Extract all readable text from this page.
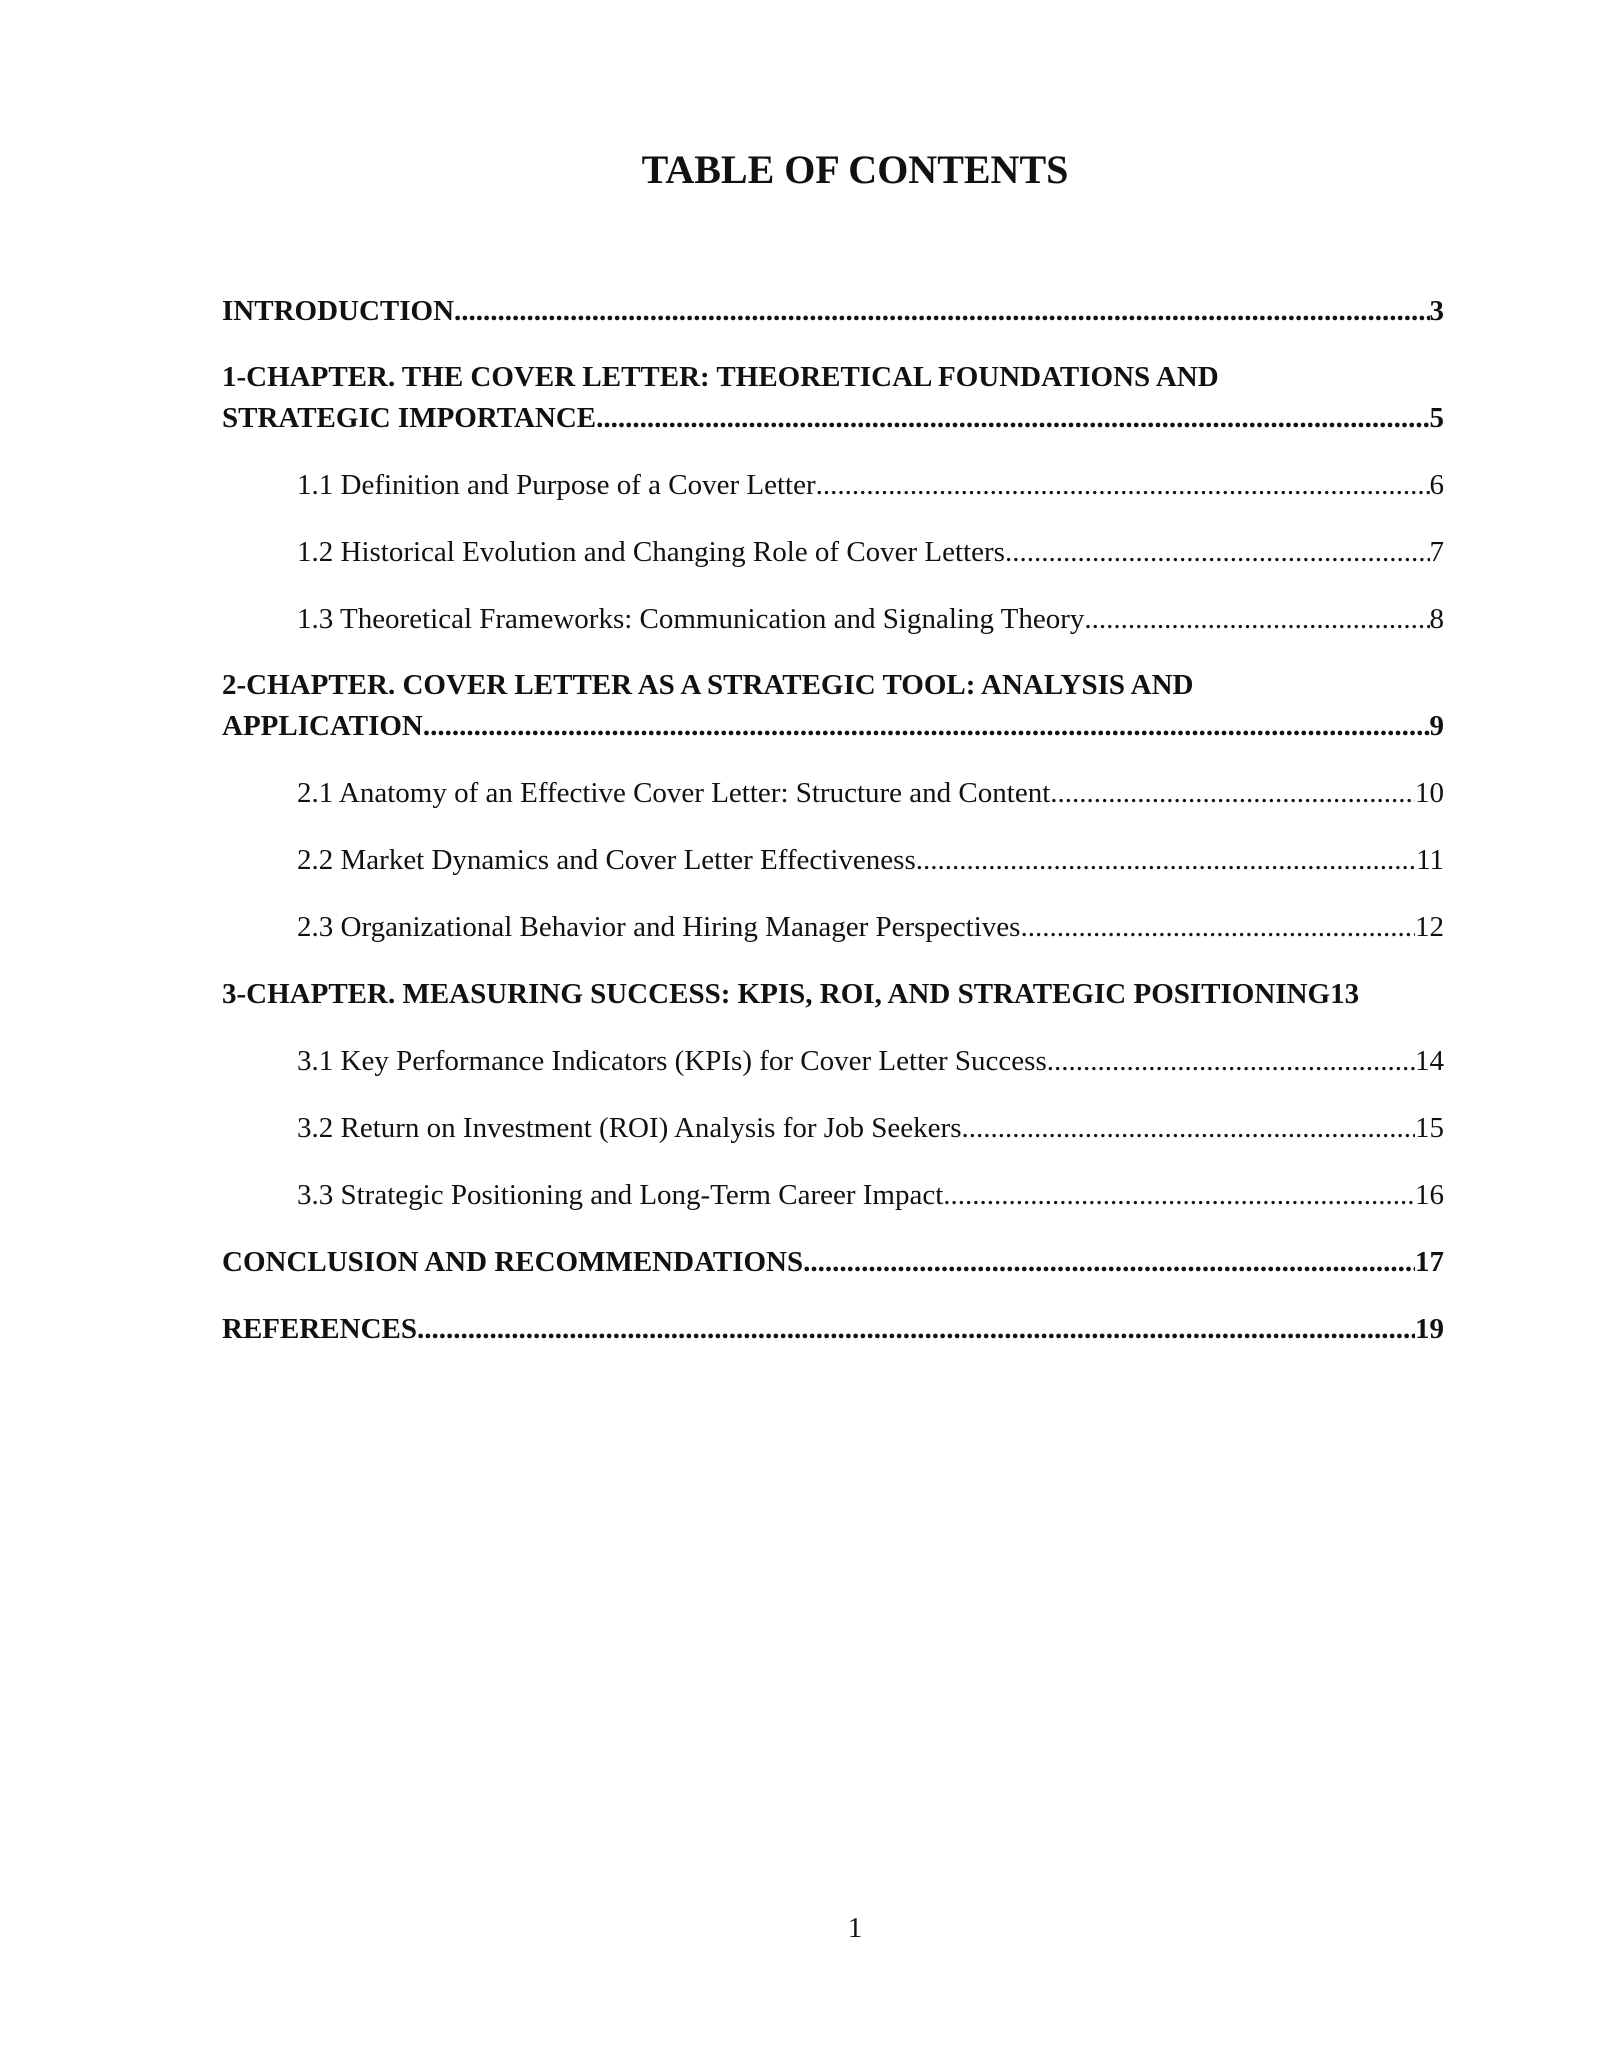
TABLE OF CONTENTS
INTRODUCTION .....	3
1-CHAPTER. THE COVER LETTER: THEORETICAL FOUNDATIONS AND
STRATEGIC IMPORTANCE .....	5
1.1 Definition and Purpose of a Cover Letter .....	6
1.2 Historical Evolution and Changing Role of Cover Letters .....	7
1.3 Theoretical Frameworks: Communication and Signaling Theory .....	8
2-CHAPTER. COVER LETTER AS A STRATEGIC TOOL: ANALYSIS AND
APPLICATION .....	9
2.1 Anatomy of an Effective Cover Letter: Structure and Content .....	10
2.2 Market Dynamics and Cover Letter Effectiveness .....	11
2.3 Organizational Behavior and Hiring Manager Perspectives .....	12
3-CHAPTER. MEASURING SUCCESS: KPIS, ROI, AND STRATEGIC POSITIONING 13
3.1 Key Performance Indicators (KPIs) for Cover Letter Success .....	14
3.2 Return on Investment (ROI) Analysis for Job Seekers .....	15
3.3 Strategic Positioning and Long-Term Career Impact .....	16
CONCLUSION AND RECOMMENDATIONS .....	17
REFERENCES .....	19
1
